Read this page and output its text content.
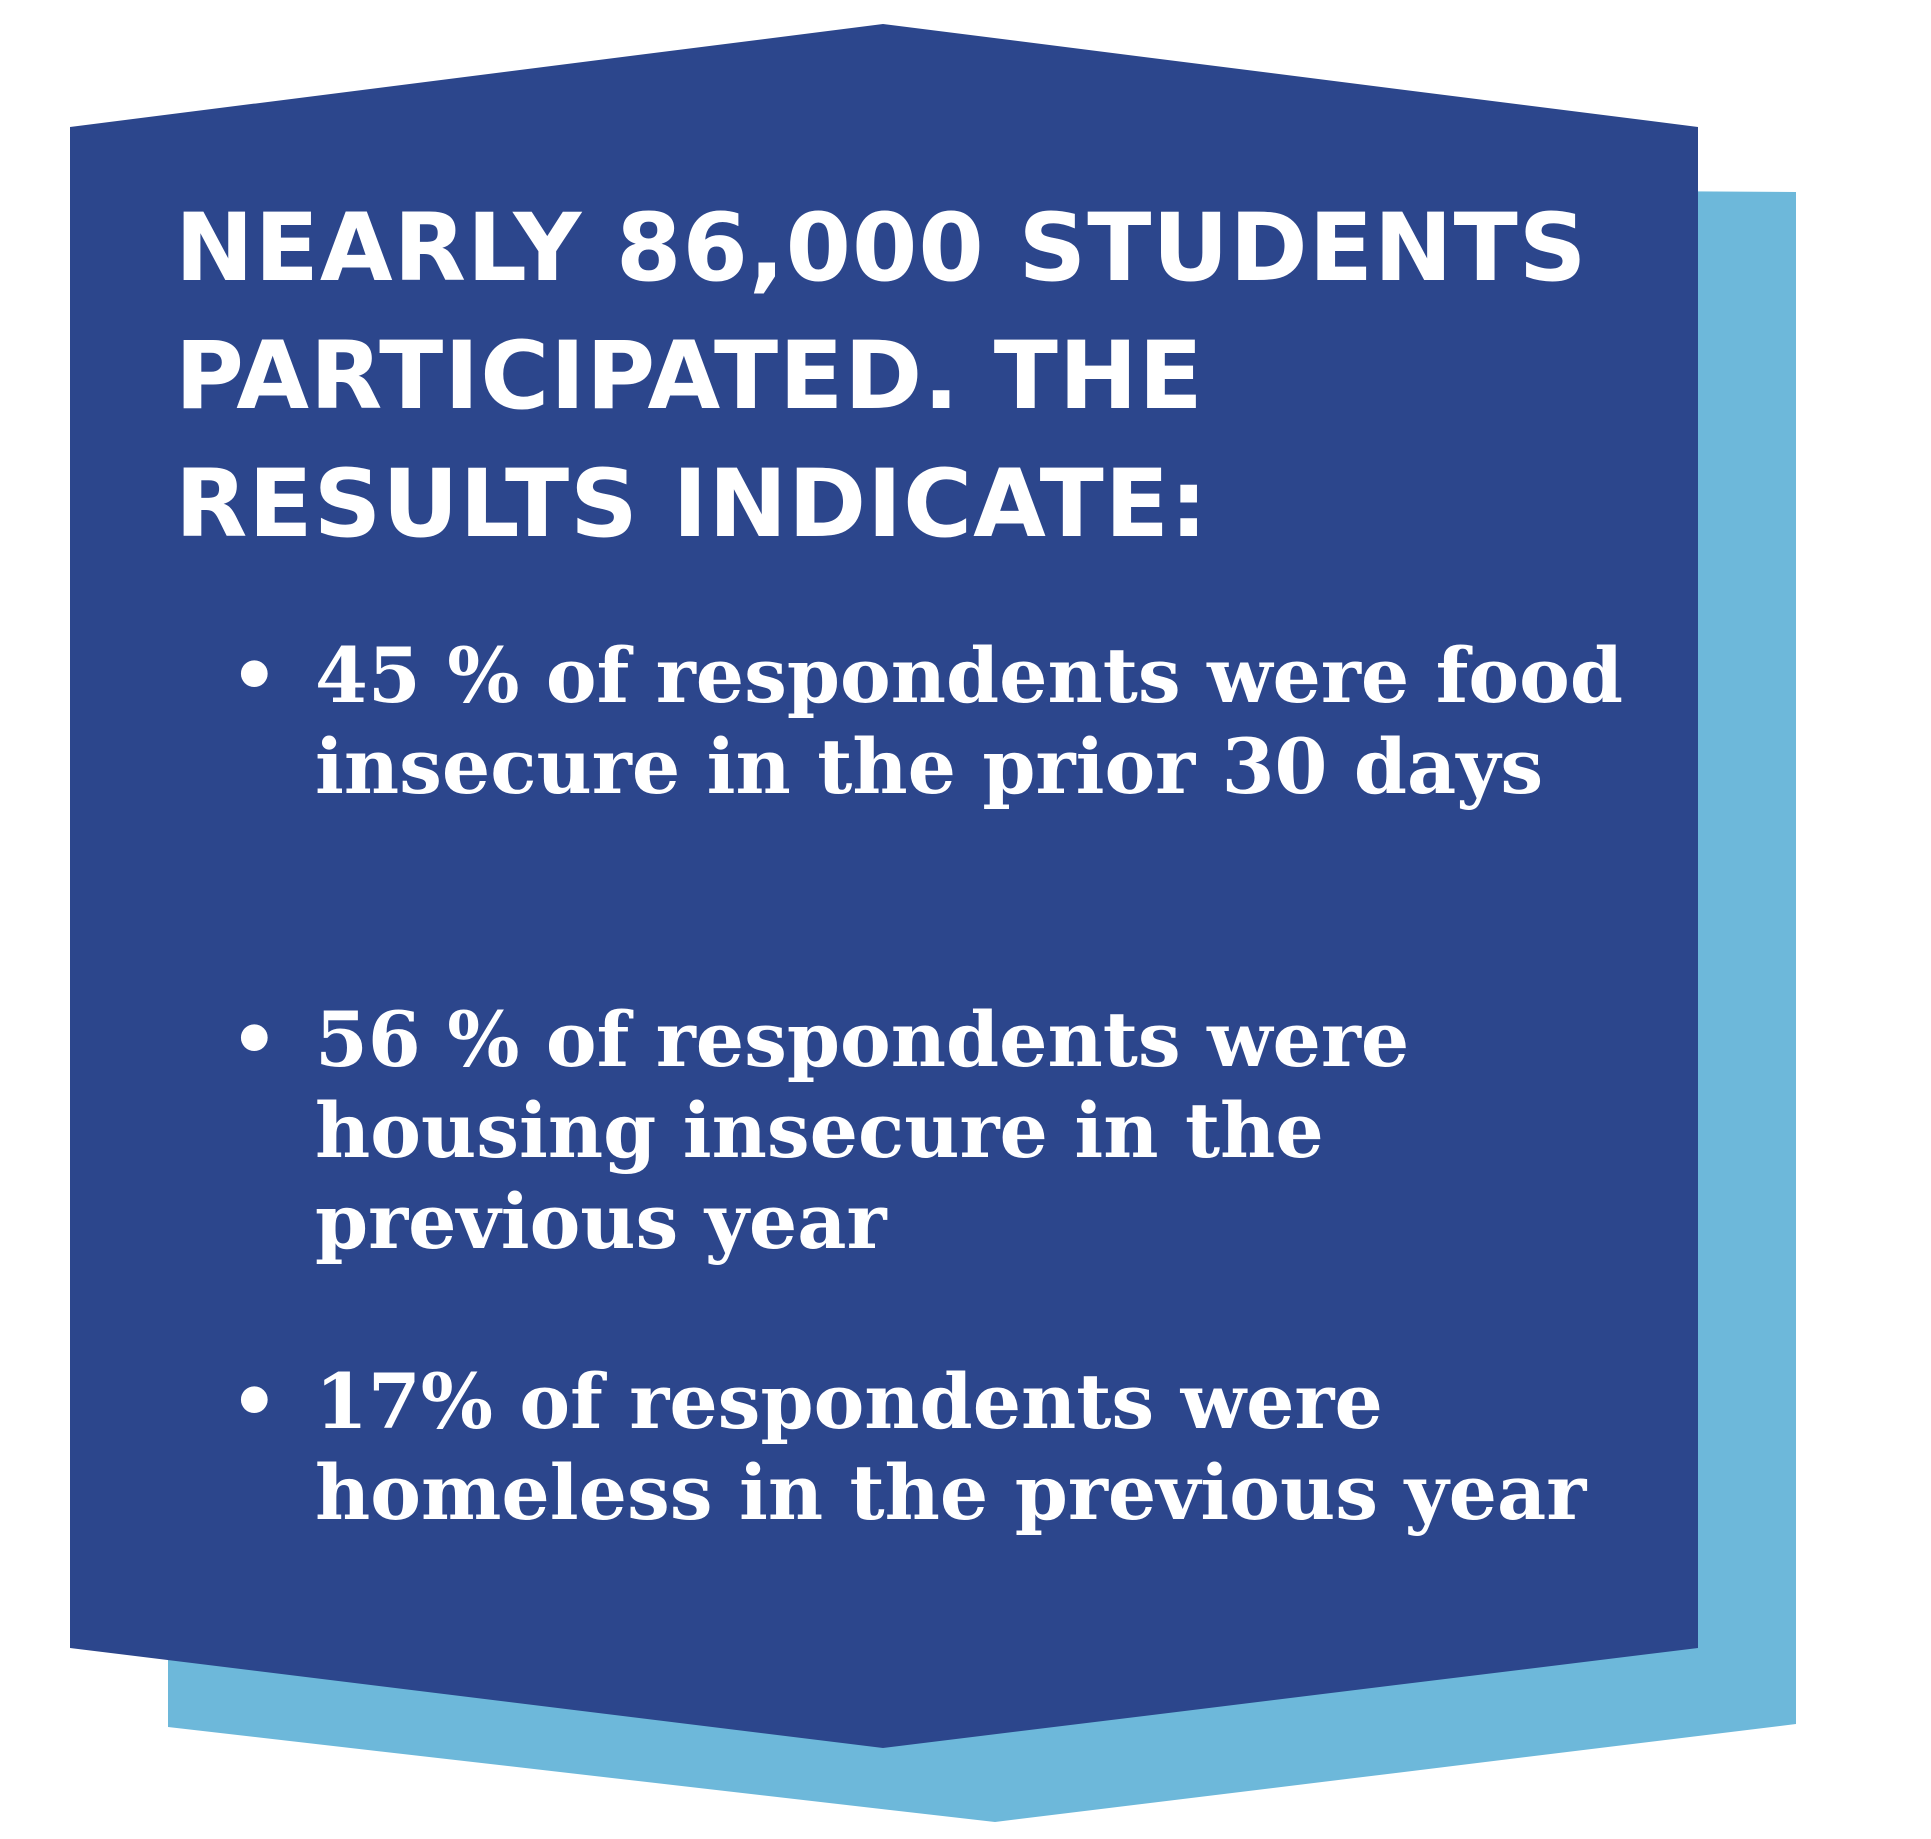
NEARLY 86,000 STUDENTS PARTICIPATED. THE RESULTS INDICATE:
• 45 % of respondents were food insecure in the prior 30 days
• 56 % of respondents were housing insecure in the previous year
• 17% of respondents were homeless in the previous year
